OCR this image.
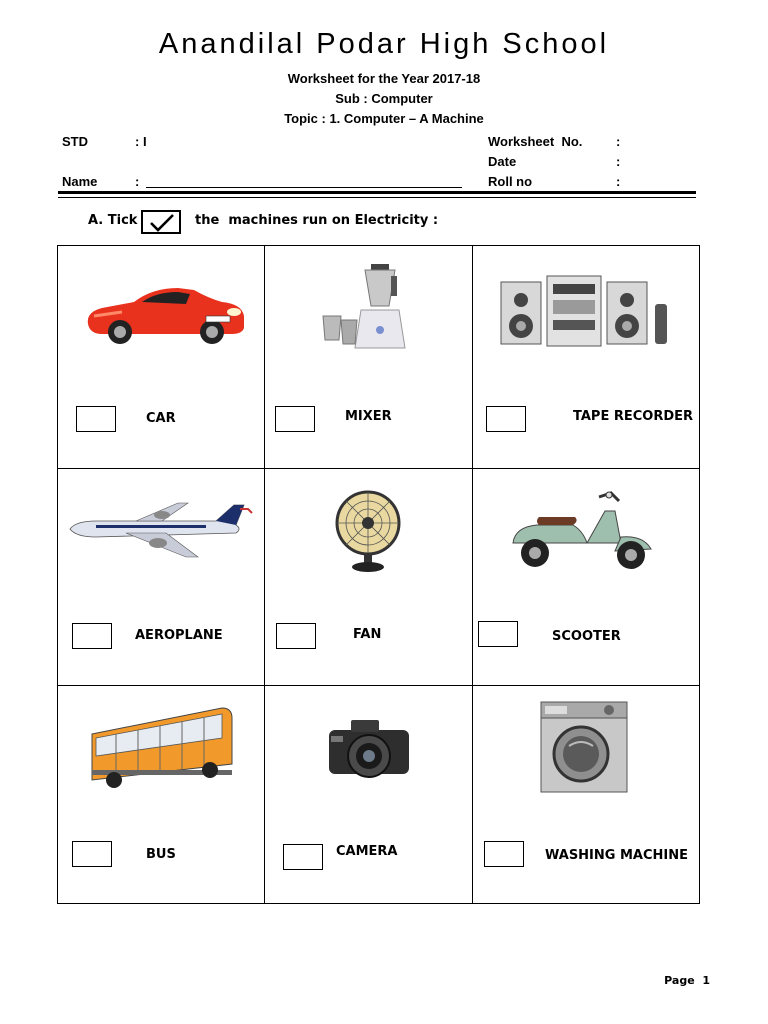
Anandilal Podar High School
Worksheet for the Year 2017-18
Sub : Computer
Topic : 1. Computer – A Machine
STD	: I
Name	:
Worksheet  No.	:
Date	:
Roll no	:
A. Tick	the  machines run on Electricity :
CAR	MIXER	TAPE RECORDER
AEROPLANE	FAN	SCOOTER
BUS	CAMERA	WASHING MACHINE
Page  1
